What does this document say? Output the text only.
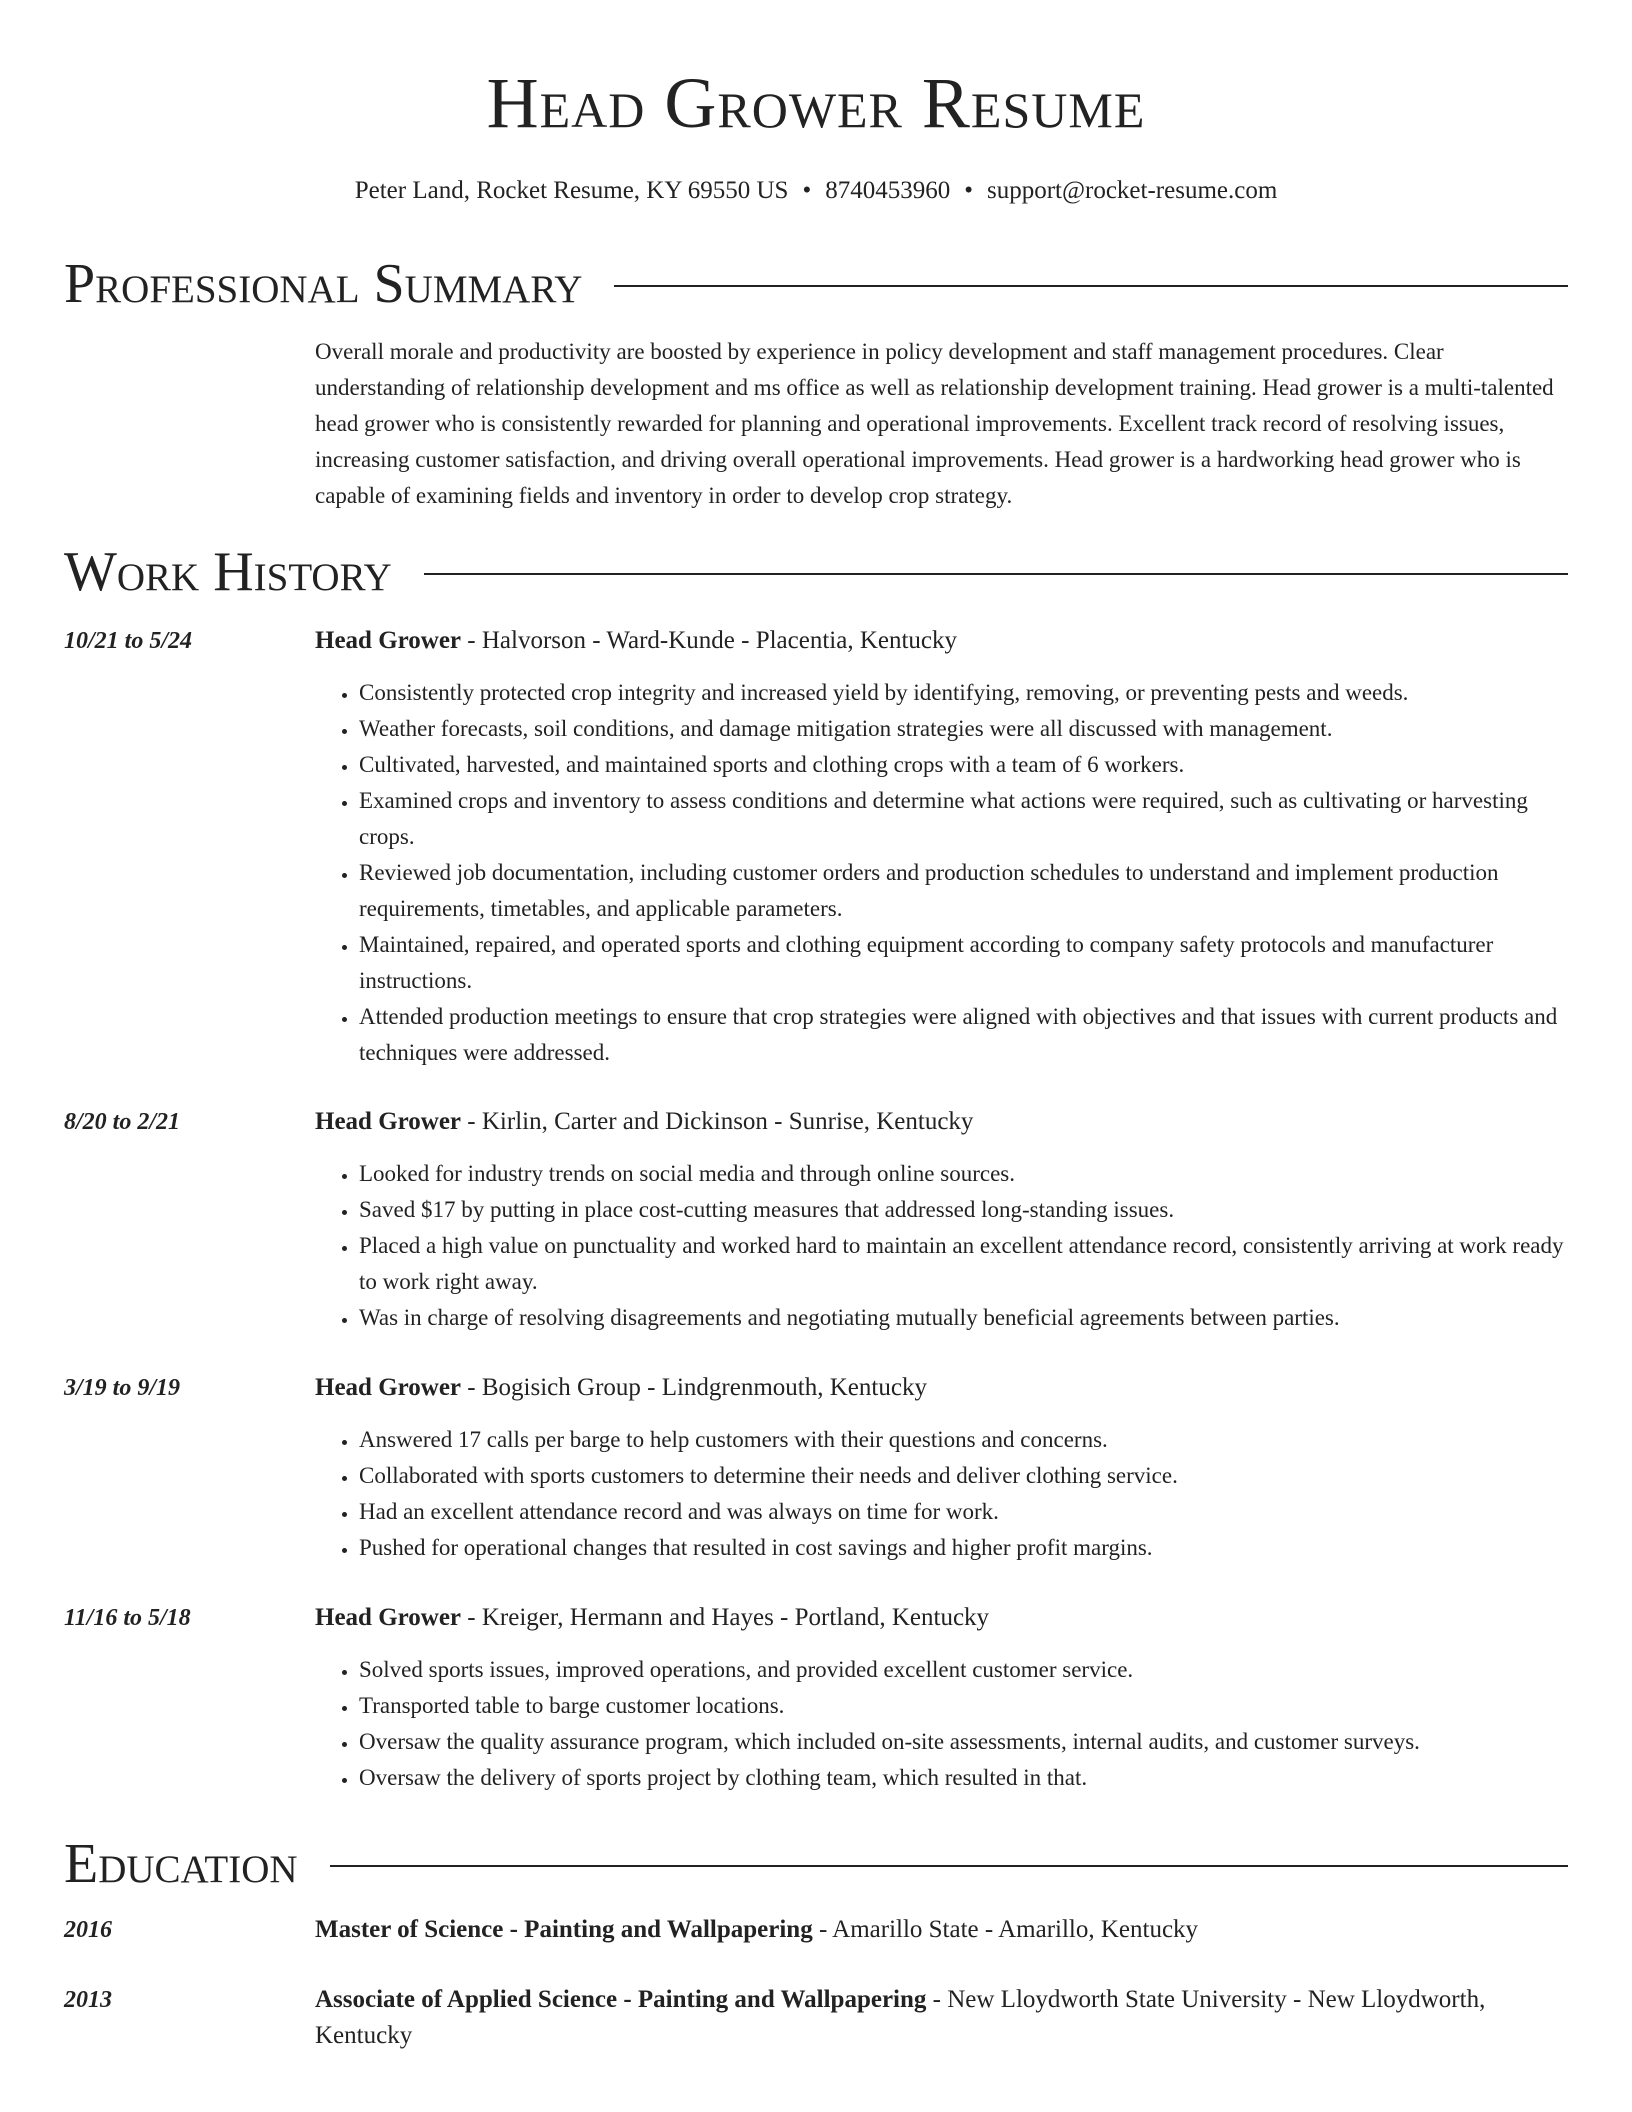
Head Grower Resume
Peter Land, Rocket Resume, KY 69550 US • 8740453960 • support@rocket-resume.com
Professional Summary

Overall morale and productivity are boosted by experience in policy development and staff management procedures. Clear understanding of relationship development and ms office as well as relationship development training. Head grower is a multi-talented head grower who is consistently rewarded for planning and operational improvements. Excellent track record of resolving issues, increasing customer satisfaction, and driving overall operational improvements. Head grower is a hardworking head grower who is capable of examining fields and inventory in order to develop crop strategy.

Work History
10/21 to 5/24	Head Grower - Halvorson - Ward-Kunde - Placentia, Kentucky
• Consistently protected crop integrity and increased yield by identifying, removing, or preventing pests and weeds.
• Weather forecasts, soil conditions, and damage mitigation strategies were all discussed with management.
• Cultivated, harvested, and maintained sports and clothing crops with a team of 6 workers.
• Examined crops and inventory to assess conditions and determine what actions were required, such as cultivating or harvesting crops.
• Reviewed job documentation, including customer orders and production schedules to understand and implement production requirements, timetables, and applicable parameters.
• Maintained, repaired, and operated sports and clothing equipment according to company safety protocols and manufacturer instructions.
• Attended production meetings to ensure that crop strategies were aligned with objectives and that issues with current products and techniques were addressed.
8/20 to 2/21	Head Grower - Kirlin, Carter and Dickinson - Sunrise, Kentucky
• Looked for industry trends on social media and through online sources.
• Saved $17 by putting in place cost-cutting measures that addressed long-standing issues.
• Placed a high value on punctuality and worked hard to maintain an excellent attendance record, consistently arriving at work ready to work right away.
• Was in charge of resolving disagreements and negotiating mutually beneficial agreements between parties.
3/19 to 9/19	Head Grower - Bogisich Group - Lindgrenmouth, Kentucky
• Answered 17 calls per barge to help customers with their questions and concerns.
• Collaborated with sports customers to determine their needs and deliver clothing service.
• Had an excellent attendance record and was always on time for work.
• Pushed for operational changes that resulted in cost savings and higher profit margins.
11/16 to 5/18	Head Grower - Kreiger, Hermann and Hayes - Portland, Kentucky
• Solved sports issues, improved operations, and provided excellent customer service.
• Transported table to barge customer locations.
• Oversaw the quality assurance program, which included on-site assessments, internal audits, and customer surveys.
• Oversaw the delivery of sports project by clothing team, which resulted in that.
Education
2016	Master of Science - Painting and Wallpapering - Amarillo State - Amarillo, Kentucky
2013	Associate of Applied Science - Painting and Wallpapering - New Lloydworth State University - New Lloydworth, Kentucky
